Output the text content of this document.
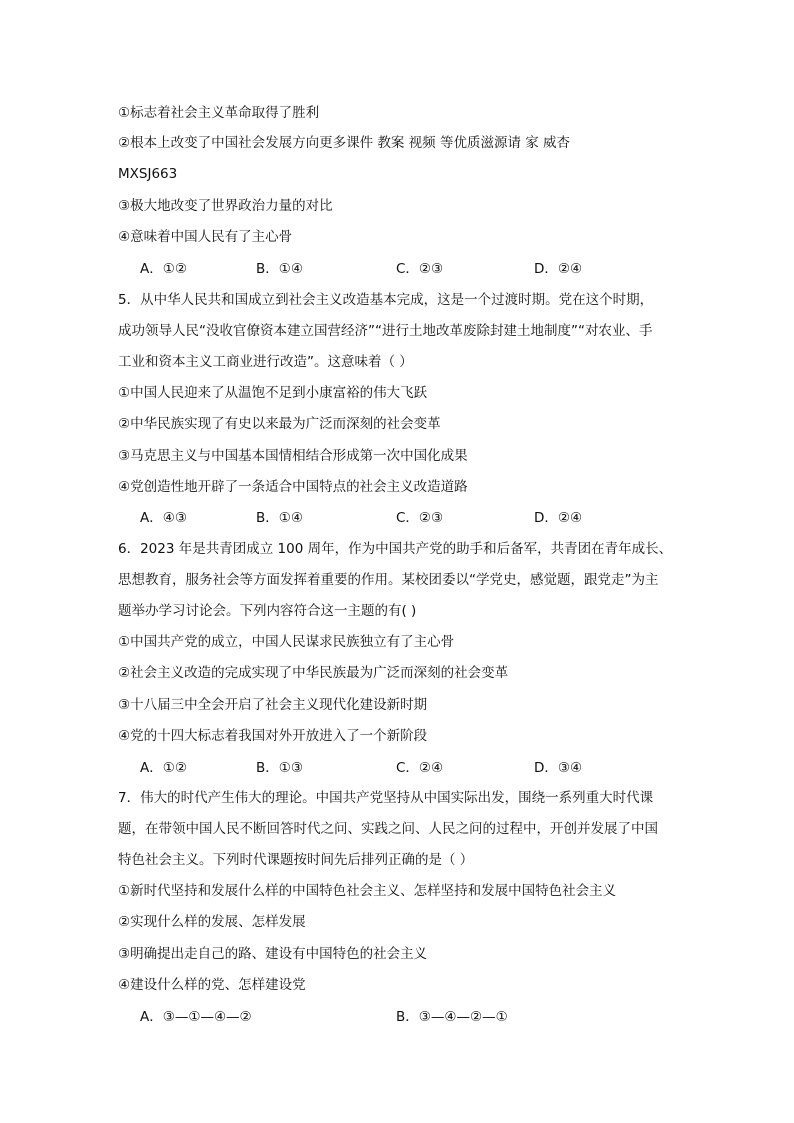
①标志着社会主义革命取得了胜利
②根本上改变了中国社会发展方向更多课件 教案 视频 等优质滋源请 家 威杏
MXSJ663
③极大地改变了世界政治力量的对比
④意味着中国人民有了主心骨
A．①②	B．①④	C．②③	D．②④
5．从中华人民共和国成立到社会主义改造基本完成，这是一个过渡时期。党在这个时期，
成功领导人民“没收官僚资本建立国营经济”“进行土地改革废除封建土地制度”“对农业、手
工业和资本主义工商业进行改造”。这意味着（ ）
①中国人民迎来了从温饱不足到小康富裕的伟大飞跃
②中华民族实现了有史以来最为广泛而深刻的社会变革
③马克思主义与中国基本国情相结合形成第一次中国化成果
④党创造性地开辟了一条适合中国特点的社会主义改造道路
A．④③	B．①④	C．②③	D．②④
6．2023 年是共青团成立 100 周年，作为中国共产党的助手和后备军，共青团在青年成长、
思想教育，服务社会等方面发挥着重要的作用。某校团委以“学党史，感觉题，跟党走”为主
题举办学习讨论会。下列内容符合这一主题的有( )
①中国共产党的成立，中国人民谋求民族独立有了主心骨
②社会主义改造的完成实现了中华民族最为广泛而深刻的社会变革
③十八届三中全会开启了社会主义现代化建设新时期
④党的十四大标志着我国对外开放进入了一个新阶段
A．①②	B．①③	C．②④	D．③④
7．伟大的时代产生伟大的理论。中国共产党坚持从中国实际出发，围绕一系列重大时代课
题，在带领中国人民不断回答时代之问、实践之问、人民之问的过程中，开创并发展了中国
特色社会主义。下列时代课题按时间先后排列正确的是（ ）
①新时代坚持和发展什么样的中国特色社会主义、怎样坚持和发展中国特色社会主义
②实现什么样的发展、怎样发展
③明确提出走自己的路、建设有中国特色的社会主义
④建设什么样的党、怎样建设党
A．③—①—④—②	B．③—④—②—①
